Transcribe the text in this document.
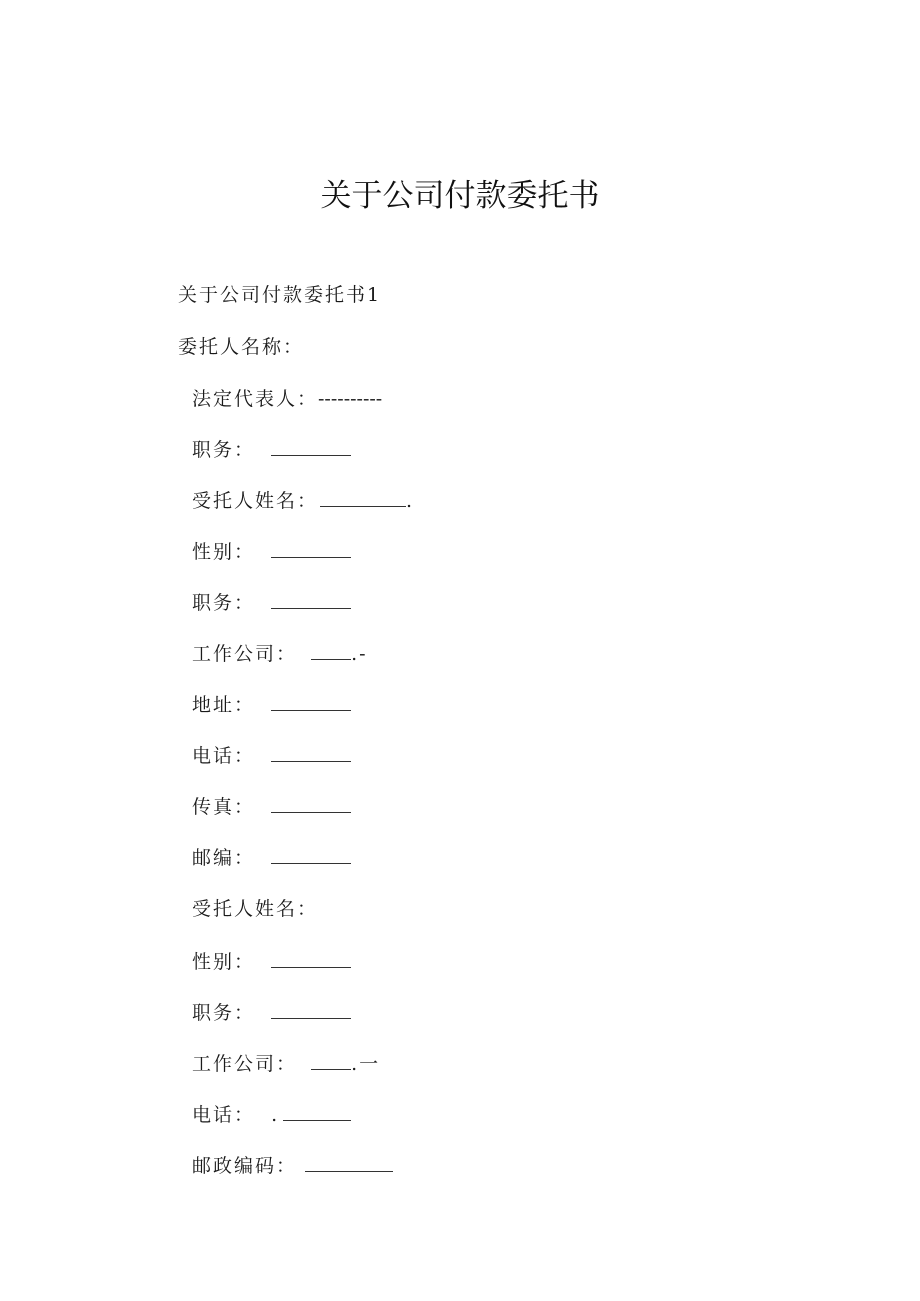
关于公司付款委托书
关于公司付款委托书1
委托人名称：
法定代表人：----------
职务：
受托人姓名：	.
性别：
职务：
工作公司：	.-
地址：
电话：
传真：
邮编：
受托人姓名：
性别：
职务：
工作公司：	.一
电话： .
邮政编码：
